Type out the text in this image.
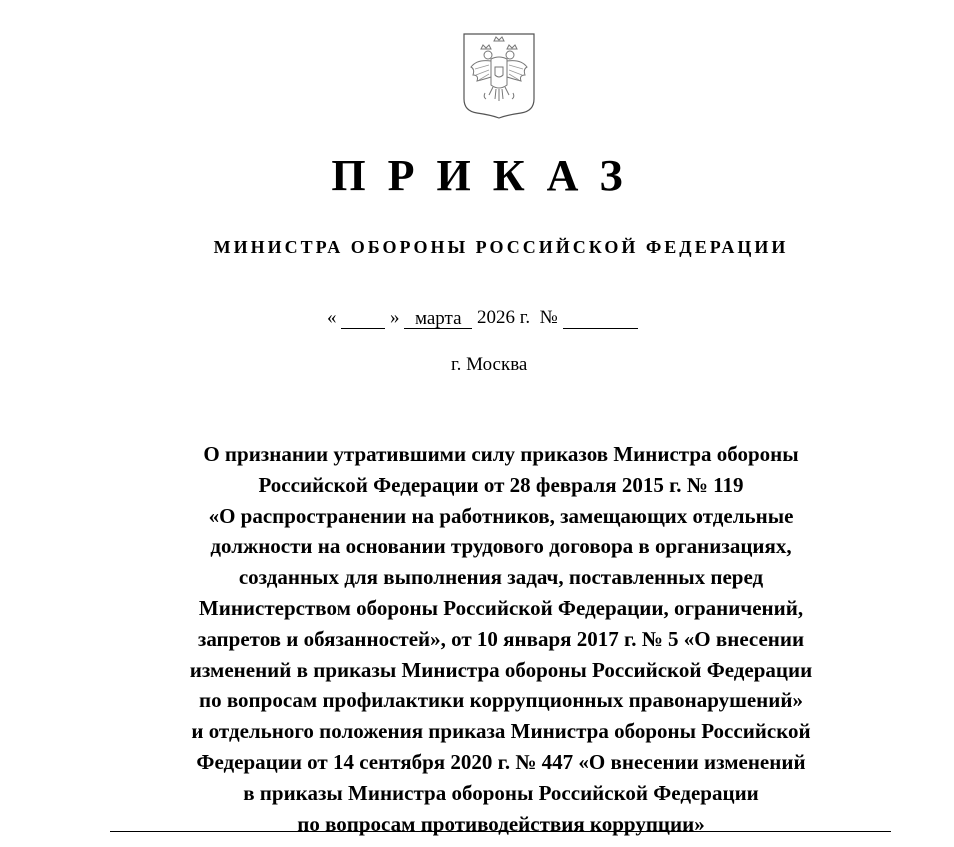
ПРИКАЗ
МИНИСТРА ОБОРОНЫ РОССИЙСКОЙ ФЕДЕРАЦИИ
«	» марта 2026 г. №
г. Москва
О признании утратившими силу приказов Министра обороны
Российской Федерации от 28 февраля 2015 г. № 119
«О распространении на работников, замещающих отдельные
должности на основании трудового договора в организациях,
созданных для выполнения задач, поставленных перед
Министерством обороны Российской Федерации, ограничений,
запретов и обязанностей», от 10 января 2017 г. № 5 «О внесении
изменений в приказы Министра обороны Российской Федерации
по вопросам профилактики коррупционных правонарушений»
и отдельного положения приказа Министра обороны Российской
Федерации от 14 сентября 2020 г. № 447 «О внесении изменений
в приказы Министра обороны Российской Федерации
по вопросам противодействия коррупции»
